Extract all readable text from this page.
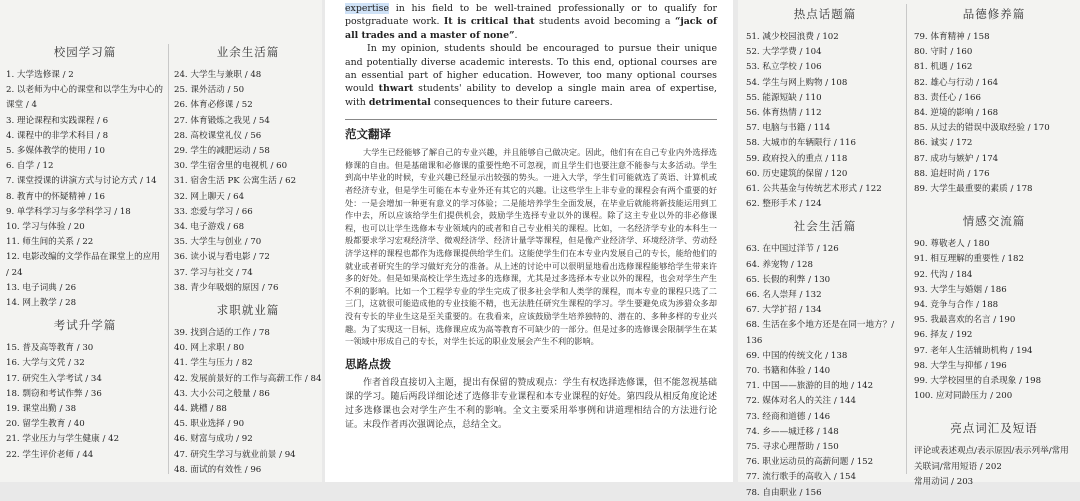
校园学习篇
1. 大学选修课 / 2
2. 以老师为中心的课堂和以学生为中心的课堂 / 4
3. 理论课程和实践课程 / 6
4. 课程中的非学术科目 / 8
5. 多媒体教学的使用 / 10
6. 自学 / 12
7. 课堂授课的讲演方式与讨论方式 / 14
8. 教育中的怀疑精神 / 16
9. 单学科学习与多学科学习 / 18
10. 学习与体验 / 20
11. 师生间的关系 / 22
12. 电影改编的文学作品在课堂上的应用 / 24
13. 电子词典 / 26
14. 网上教学 / 28
考试升学篇
15. 普及高等教育 / 30
16. 大学与文凭 / 32
17. 研究生入学考试 / 34
18. 剽窃和考试作弊 / 36
19. 课堂出勤 / 38
20. 留学生教育 / 40
21. 学业压力与学生健康 / 42
22. 学生评价老师 / 44
业余生活篇
24. 大学生与兼职 / 48
25. 课外活动 / 50
26. 体育必修课 / 52
27. 体育锻炼之我见 / 54
28. 高校课堂礼仪 / 56
29. 学生的减肥运动 / 58
30. 学生宿舍里的电视机 / 60
31. 宿舍生活 PK 公寓生活 / 62
32. 网上聊天 / 64
33. 恋爱与学习 / 66
34. 电子游戏 / 68
35. 大学生与创业 / 70
36. 读小说与看电影 / 72
37. 学习与社交 / 74
38. 青少年吸烟的原因 / 76
求职就业篇
39. 找到合适的工作 / 78
40. 网上求职 / 80
41. 学生与压力 / 82
42. 发展前景好的工作与高薪工作 / 84
43. 大小公司之般量 / 86
44. 跳槽 / 88
45. 职业选择 / 90
46. 财富与成功 / 92
47. 研究生学习与就业前景 / 94
48. 面试的有效性 / 96

expertise in his field to be well-trained professionally or to qualify for postgraduate work. It is critical that students avoid becoming a “jack of all trades and a master of none”.

In my opinion, students should be encouraged to pursue their unique and potentially diverse academic interests. To this end, optional courses are an essential part of higher education. However, too many optional courses would thwart students' ability to develop a single main area of expertise, with detrimental consequences to their future careers.

范文翻译

大学生已经能够了解自己的专业兴趣，并且能够自己做决定。因此，他们有在自己专业内外选择选修课的自由。但是基础课和必修课的重要性绝不可忽视，而且学生们也要注意不能参与太多活动。学生到高中毕业的时候，专业兴趣已经显示出较强的势头。一进入大学，学生们可能就选了英语、计算机或者经济专业，但是学生可能在本专业外还有其它的兴趣。让这些学生上非专业的课程会有两个重要的好处：一是会增加一种更有意义的学习体验；二是能培养学生全面发展，在毕业后就能将新技能运用到工作中去，所以应该给学生们提供机会，鼓励学生选择专业以外的课程。除了这主专业以外的非必修课程，也可以让学生选修本专业领域内的或者和自己专业相关的课程。比如，一名经济学专业的本科生一般都要求学习宏观经济学、微观经济学、经济计量学等课程，但是像产业经济学、环境经济学、劳动经济学这样的课程也都作为选修课提供给学生们。这能使学生们在本专业内发展自己的专长，能给他们的就业或者研究生的学习做好充分的准备。从上述的讨论中可以很明显地看出选修课程能够给学生带来许多的好处。但是如果高校让学生选过多的选修课，尤其是过多选择本专业以外的课程，也会对学生产生不利的影响。比如一个工程学专业的学生完成了很多社会学和人类学的课程，而本专业的课程只选了二三门，这就很可能造成他的专业技能不精，也无法胜任研究生课程的学习。学生要避免成为涉猎众多却没有专长的毕业生这是至关重要的。在我看来，应该鼓励学生培养独特的、潜在的、多种多样的专业兴趣。为了实现这一目标，选修课应成为高等教育不可缺少的一部分。但是过多的选修课会限制学生在某一领域中形成自己的专长，对学生长远的职业发展会产生不利的影响。

思路点拨

作者首段直接切入主题，提出有保留的赞成观点：学生有权选择选修课，但不能忽视基础课的学习。随后两段详细论述了选修非专业课程和本专业课程的好处。第四段从相反角度论述过多选修课也会对学生产生不利的影响。全文主要采用举事例和讲道理相结合的方法进行论证。末段作者再次强调论点，总结全文。

热点话题篇
51. 减少校园浪费 / 102
52. 大学学费 / 104
53. 私立学校 / 106
54. 学生与网上购物 / 108
55. 能源短缺 / 110
56. 体育热情 / 112
57. 电脑与书籍 / 114
58. 大城市的车辆限行 / 116
59. 政府投入的重点 / 118
60. 历史建筑的保留 / 120
61. 公共基金与传统艺术形式 / 122
62. 整形手术 / 124
社会生活篇
63. 在中国过洋节 / 126
64. 养宠物 / 128
65. 长假的利弊 / 130
66. 名人崇拜 / 132
67. 大学扩招 / 134
68. 生活在多个地方还是在同一地方？/ 136
69. 中国的传统文化 / 138
70. 书籍和体验 / 140
71. 中国——旅游的目的地 / 142
72. 媒体对名人的关注 / 144
73. 经商和道德 / 146
74. 乡——城迁移 / 148
75. 寻求心理帮助 / 150
76. 职业运动员的高薪问题 / 152
77. 流行歌手的高收入 / 154
78. 自由职业 / 156
品德修养篇
79. 体育精神 / 158
80. 守时 / 160
81. 机遇 / 162
82. 雄心与行动 / 164
83. 责任心 / 166
84. 逆境的影响 / 168
85. 从过去的错误中汲取经验 / 170
86. 诚实 / 172
87. 成功与嫉妒 / 174
88. 追赶时尚 / 176
89. 大学生最重要的素质 / 178
情感交流篇
90. 尊敬老人 / 180
91. 相互理解的重要性 / 182
92. 代沟 / 184
93. 大学生与婚姻 / 186
94. 竞争与合作 / 188
95. 我最喜欢的名言 / 190
96. 择友 / 192
97. 老年人生活辅助机构 / 194
98. 大学生与抑郁 / 196
99. 大学校园里的自杀现象 / 198
100. 应对同龄压力 / 200
亮点词汇及短语
评论或表述观点/表示原因/表示列举/常用关联词/常用短语 / 202
常用动词 / 203
